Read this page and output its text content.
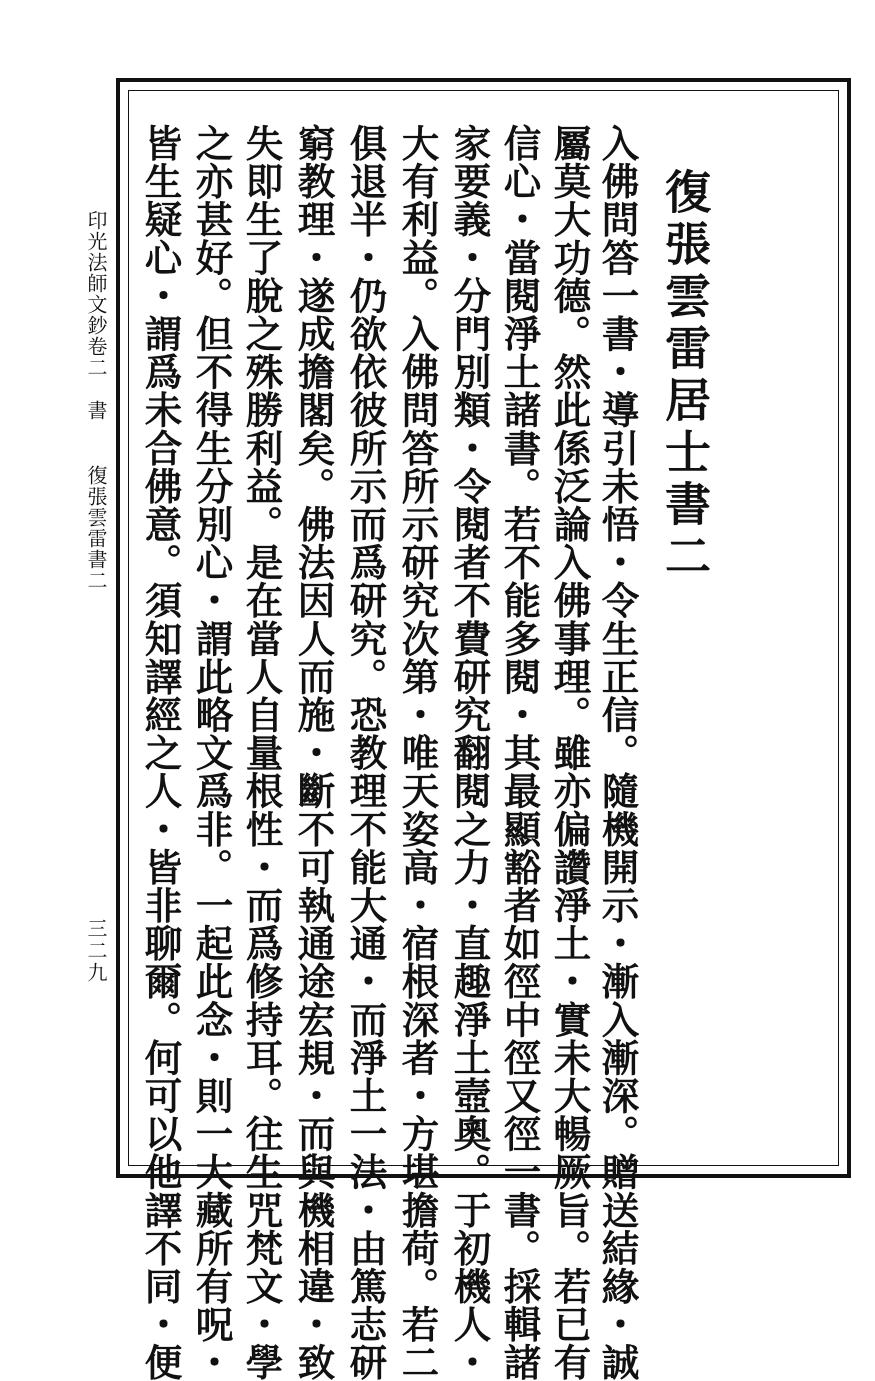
復張雲雷居士書二

入佛問答一書・導引未悟・令生正信。隨機開示・漸入漸深。贈送結緣・誠

屬莫大功德。然此係泛論入佛事理。雖亦偏讚淨土・實未大暢厥旨。若已有

信心・當閱淨土諸書。若不能多閱・其最顯豁者如徑中徑又徑一書。採輯諸

家要義・分門別類・令閱者不費研究翻閱之力・直趣淨土壼奧。于初機人・

大有利益。入佛問答所示研究次第・唯天姿高・宿根深者・方堪擔荷。若二

俱退半・仍欲依彼所示而爲研究。恐教理不能大通・而淨土一法・由篤志研

窮教理・遂成擔閣矣。佛法因人而施・斷不可執通途宏規・而與機相違・致

失即生了脫之殊勝利益。是在當人自量根性・而爲修持耳。往生咒梵文・學

之亦甚好。但不得生分別心・謂此略文爲非。一起此念・則一大藏所有呪・

皆生疑心・謂爲未合佛意。須知譯經之人・皆非聊爾。何可以他譯不同・便

印光法師文鈔卷二書復張雲雷書二
三二九
